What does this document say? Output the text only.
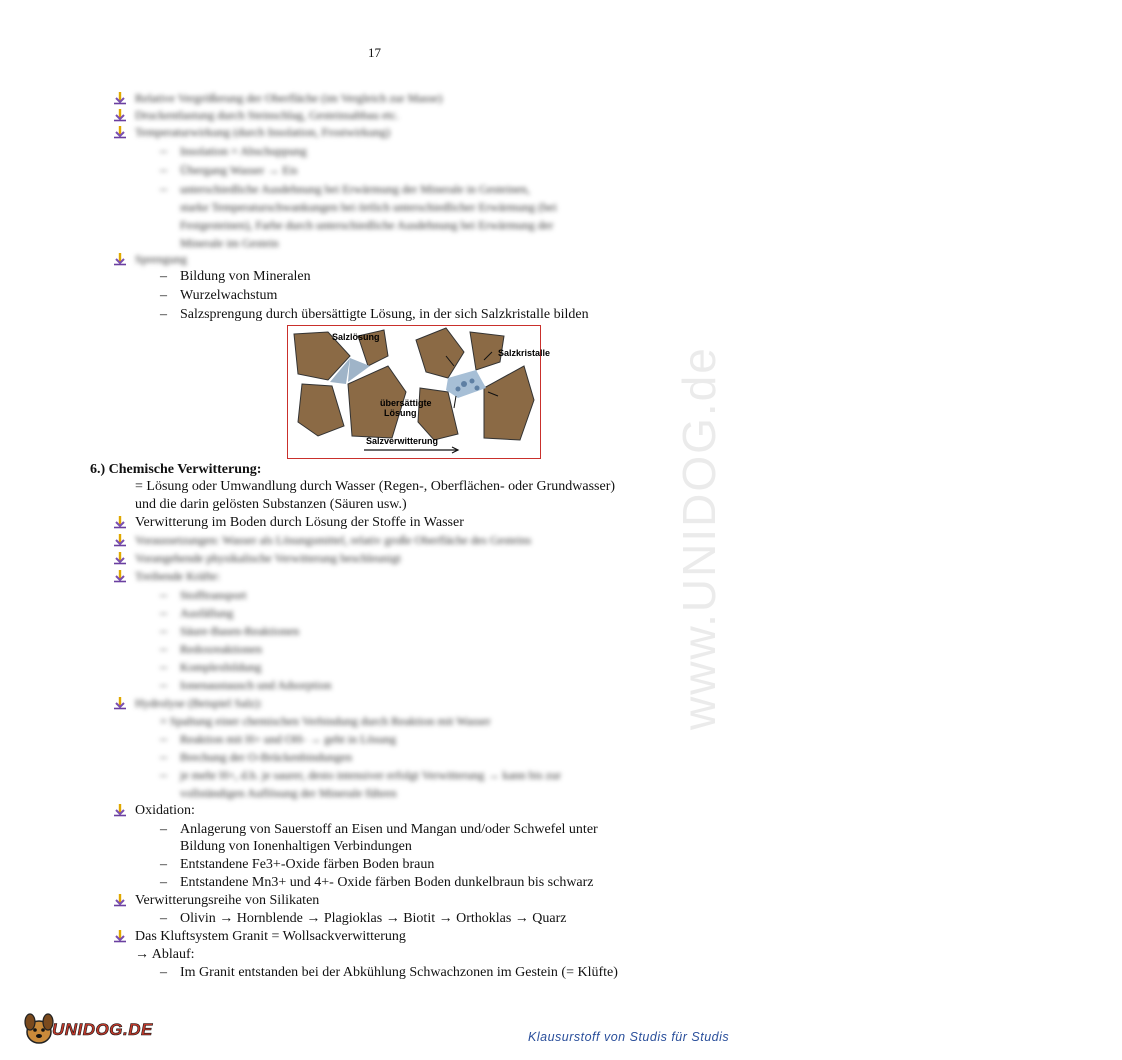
17
Relative Vergrößerung der Oberfläche (im Vergleich zur Masse)
Druckentlastung durch Steinschlag, Gesteinsabbau etc.
Temperaturwirkung (durch Insolation, Frostwirkung)
– Insolation = Abschuppung
– Übergang Wasser → Eis
– unterschiedliche Ausdehnung bei Erwärmung der Minerale in Gesteinen,
starke Temperaturschwankungen bei örtlich unterschiedlicher Erwärmung (bei
Festgesteinen), Farbe durch unterschiedliche Ausdehnung bei Erwärmung der
Minerale im Gestein
Sprengung
– Bildung von Mineralen
– Wurzelwachstum
– Salzsprengung durch übersättigte Lösung, in der sich Salzkristalle bilden
Salzlösung
Salzkristalle
übersättigte
Lösung
Salzverwitterung
6.) Chemische Verwitterung:
= Lösung oder Umwandlung durch Wasser (Regen-, Oberflächen- oder Grundwasser)
und die darin gelösten Substanzen (Säuren usw.)
Verwitterung im Boden durch Lösung der Stoffe in Wasser
Voraussetzungen: Wasser als Lösungsmittel, relativ große Oberfläche des Gesteins
Vorangehende physikalische Verwitterung beschleunigt
Treibende Kräfte:
– Stofftransport
– Ausfällung
– Säure-Basen-Reaktionen
– Redoxreaktionen
– Komplexbildung
– Ionenaustausch und Adsorption
Hydrolyse (Beispiel Salz):
= Spaltung einer chemischen Verbindung durch Reaktion mit Wasser
– Reaktion mit H+ und OH- → geht in Lösung
– Brechung der O-Brückenbindungen
– je mehr H+, d.h. je saurer, desto intensiver erfolgt Verwitterung → kann bis zur
vollständigen Auflösung der Minerale führen
Oxidation:
– Anlagerung von Sauerstoff an Eisen und Mangan und/oder Schwefel unter
Bildung von Ionenhaltigen Verbindungen
– Entstandene Fe3+-Oxide färben Boden braun
– Entstandene Mn3+ und 4+- Oxide färben Boden dunkelbraun bis schwarz
Verwitterungsreihe von Silikaten
– Olivin → Hornblende → Plagioklas → Biotit → Orthoklas → Quarz
Das Kluftsystem Granit = Wollsackverwitterung
→ Ablauf:
– Im Granit entstanden bei der Abkühlung Schwachzonen im Gestein (= Klüfte)
www.UNIDOG.de
UNIDOG.DE	Klausurstoff von Studis für Studis
